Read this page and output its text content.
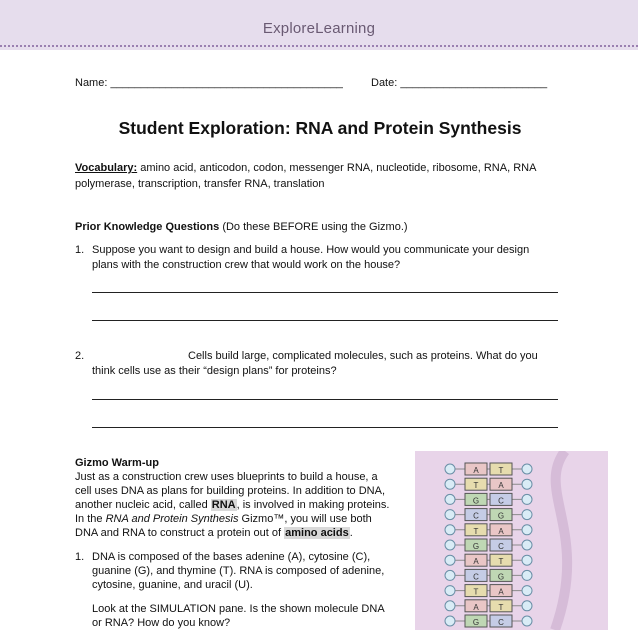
ExploreLearning
Name: ______________________________________	Date: ________________________
Student Exploration: RNA and Protein Synthesis
Vocabulary: amino acid, anticodon, codon, messenger RNA, nucleotide, ribosome, RNA, RNA
polymerase, transcription, transfer RNA, translation
Prior Knowledge Questions (Do these BEFORE using the Gizmo.)
1. Suppose you want to design and build a house. How would you communicate your design
plans with the construction crew that would work on the house?
2.	Cells build large, complicated molecules, such as proteins. What do you
think cells use as their “design plans” for proteins?
Gizmo Warm-up
Just as a construction crew uses blueprints to build a house, a
cell uses DNA as plans for building proteins. In addition to DNA,
another nucleic acid, called RNA, is involved in making proteins.
In the RNA and Protein Synthesis Gizmo™, you will use both
DNA and RNA to construct a protein out of amino acids.
1. DNA is composed of the bases adenine (A), cytosine (C),
guanine (G), and thymine (T). RNA is composed of adenine,
cytosine, guanine, and uracil (U).
Look at the SIMULATION pane. Is the shown molecule DNA
or RNA? How do you know?
A T
T A
G C
C G
T A
G C
A T
C G
T A
A T
G C
